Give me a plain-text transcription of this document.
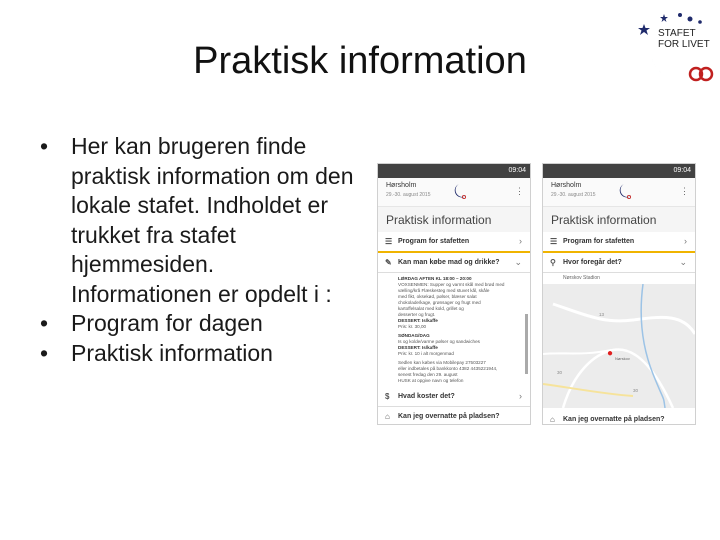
Praktisk information
STAFET
FOR LIVET
• Her kan brugeren finde praktisk information om den lokale stafet. Indholdet er trukket fra stafet hjemmesiden. Informationen er opdelt i :
• Program for dagen
• Praktisk information
09:04
Hørsholm
29.-30. august 2015	⋮
Praktisk information
☰ Program for stafetten	›
✎ Kan man købe mad og drikke? ⌄
LØRDAG AFTEN KL 18:00 – 20:00
VOXSENMEN: Supper og varmt skål med brød med
vælling/krå Flæskesteg med stuvet kål, skåle
med fikt, oksekød, pølser, blæser salat
chokolade/kage, grønsager og frugt med
kartoffelsalat med kold, grillet og
desserter og frugt.
DESSERT: Is/kaffe
Pris: kr. 30,00
SØNDAG/DAG
Is og kolde/varme pølser og sandwiches
DESSERT: Is/kaffe
Pris: kr. 10 i alt morgenmad
Sedlen kan købes via Mobilepay 27503227
eller indbetales på bankkonto 4382 4435221944,
senest fredag den 29. august
HUSK at opgive navn og telefon
$ Hvad koster det?	›
⌂ Kan jeg overnatte på pladsen?
09:04
Hørsholm
29.-30. august 2015	⋮
Praktisk information
☰ Program for stafetten	›
⚲ Hvor foregår det?	⌄
Nørskov Stadion
13
30
30
● Nørskov
⌂ Kan jeg overnatte på pladsen?
